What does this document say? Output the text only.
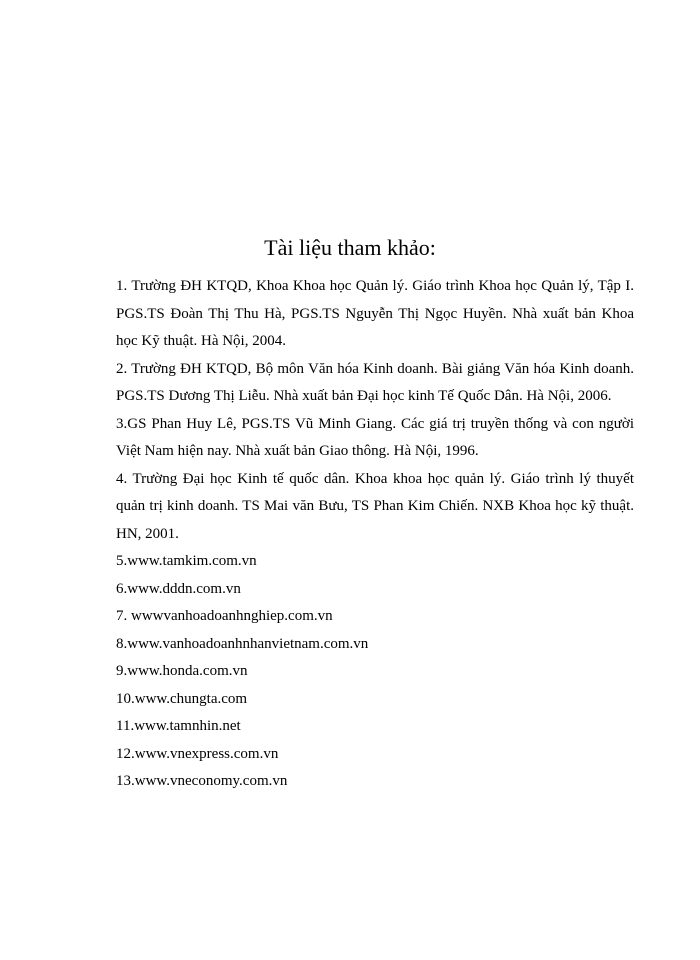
Tài liệu tham khảo:
1. Trường ĐH KTQD, Khoa Khoa học Quản lý. Giáo trình Khoa học Quản lý, Tập I. PGS.TS Đoàn Thị Thu Hà, PGS.TS Nguyễn Thị Ngọc Huyền. Nhà xuất bản Khoa học Kỹ thuật. Hà Nội, 2004.
2. Trường ĐH KTQD, Bộ môn Văn hóa Kinh doanh. Bài giảng Văn hóa Kinh doanh. PGS.TS Dương Thị Liễu. Nhà xuất bản Đại học kinh Tế Quốc Dân. Hà Nội, 2006.
3.GS Phan Huy Lê, PGS.TS Vũ Minh Giang. Các giá trị truyền thống và con người Việt Nam hiện nay. Nhà xuất bản Giao thông. Hà Nội, 1996.
4. Trường Đại học Kinh tế quốc dân. Khoa khoa học quản lý. Giáo trình lý thuyết quản trị kinh doanh. TS Mai văn Bưu, TS Phan Kim Chiến. NXB Khoa học kỹ thuật. HN, 2001.
5.www.tamkim.com.vn
6.www.dddn.com.vn
7. wwwvanhoadoanhnghiep.com.vn
8.www.vanhoadoanhnhanvietnam.com.vn
9.www.honda.com.vn
10.www.chungta.com
11.www.tamnhin.net
12.www.vnexpress.com.vn
13.www.vneconomy.com.vn
